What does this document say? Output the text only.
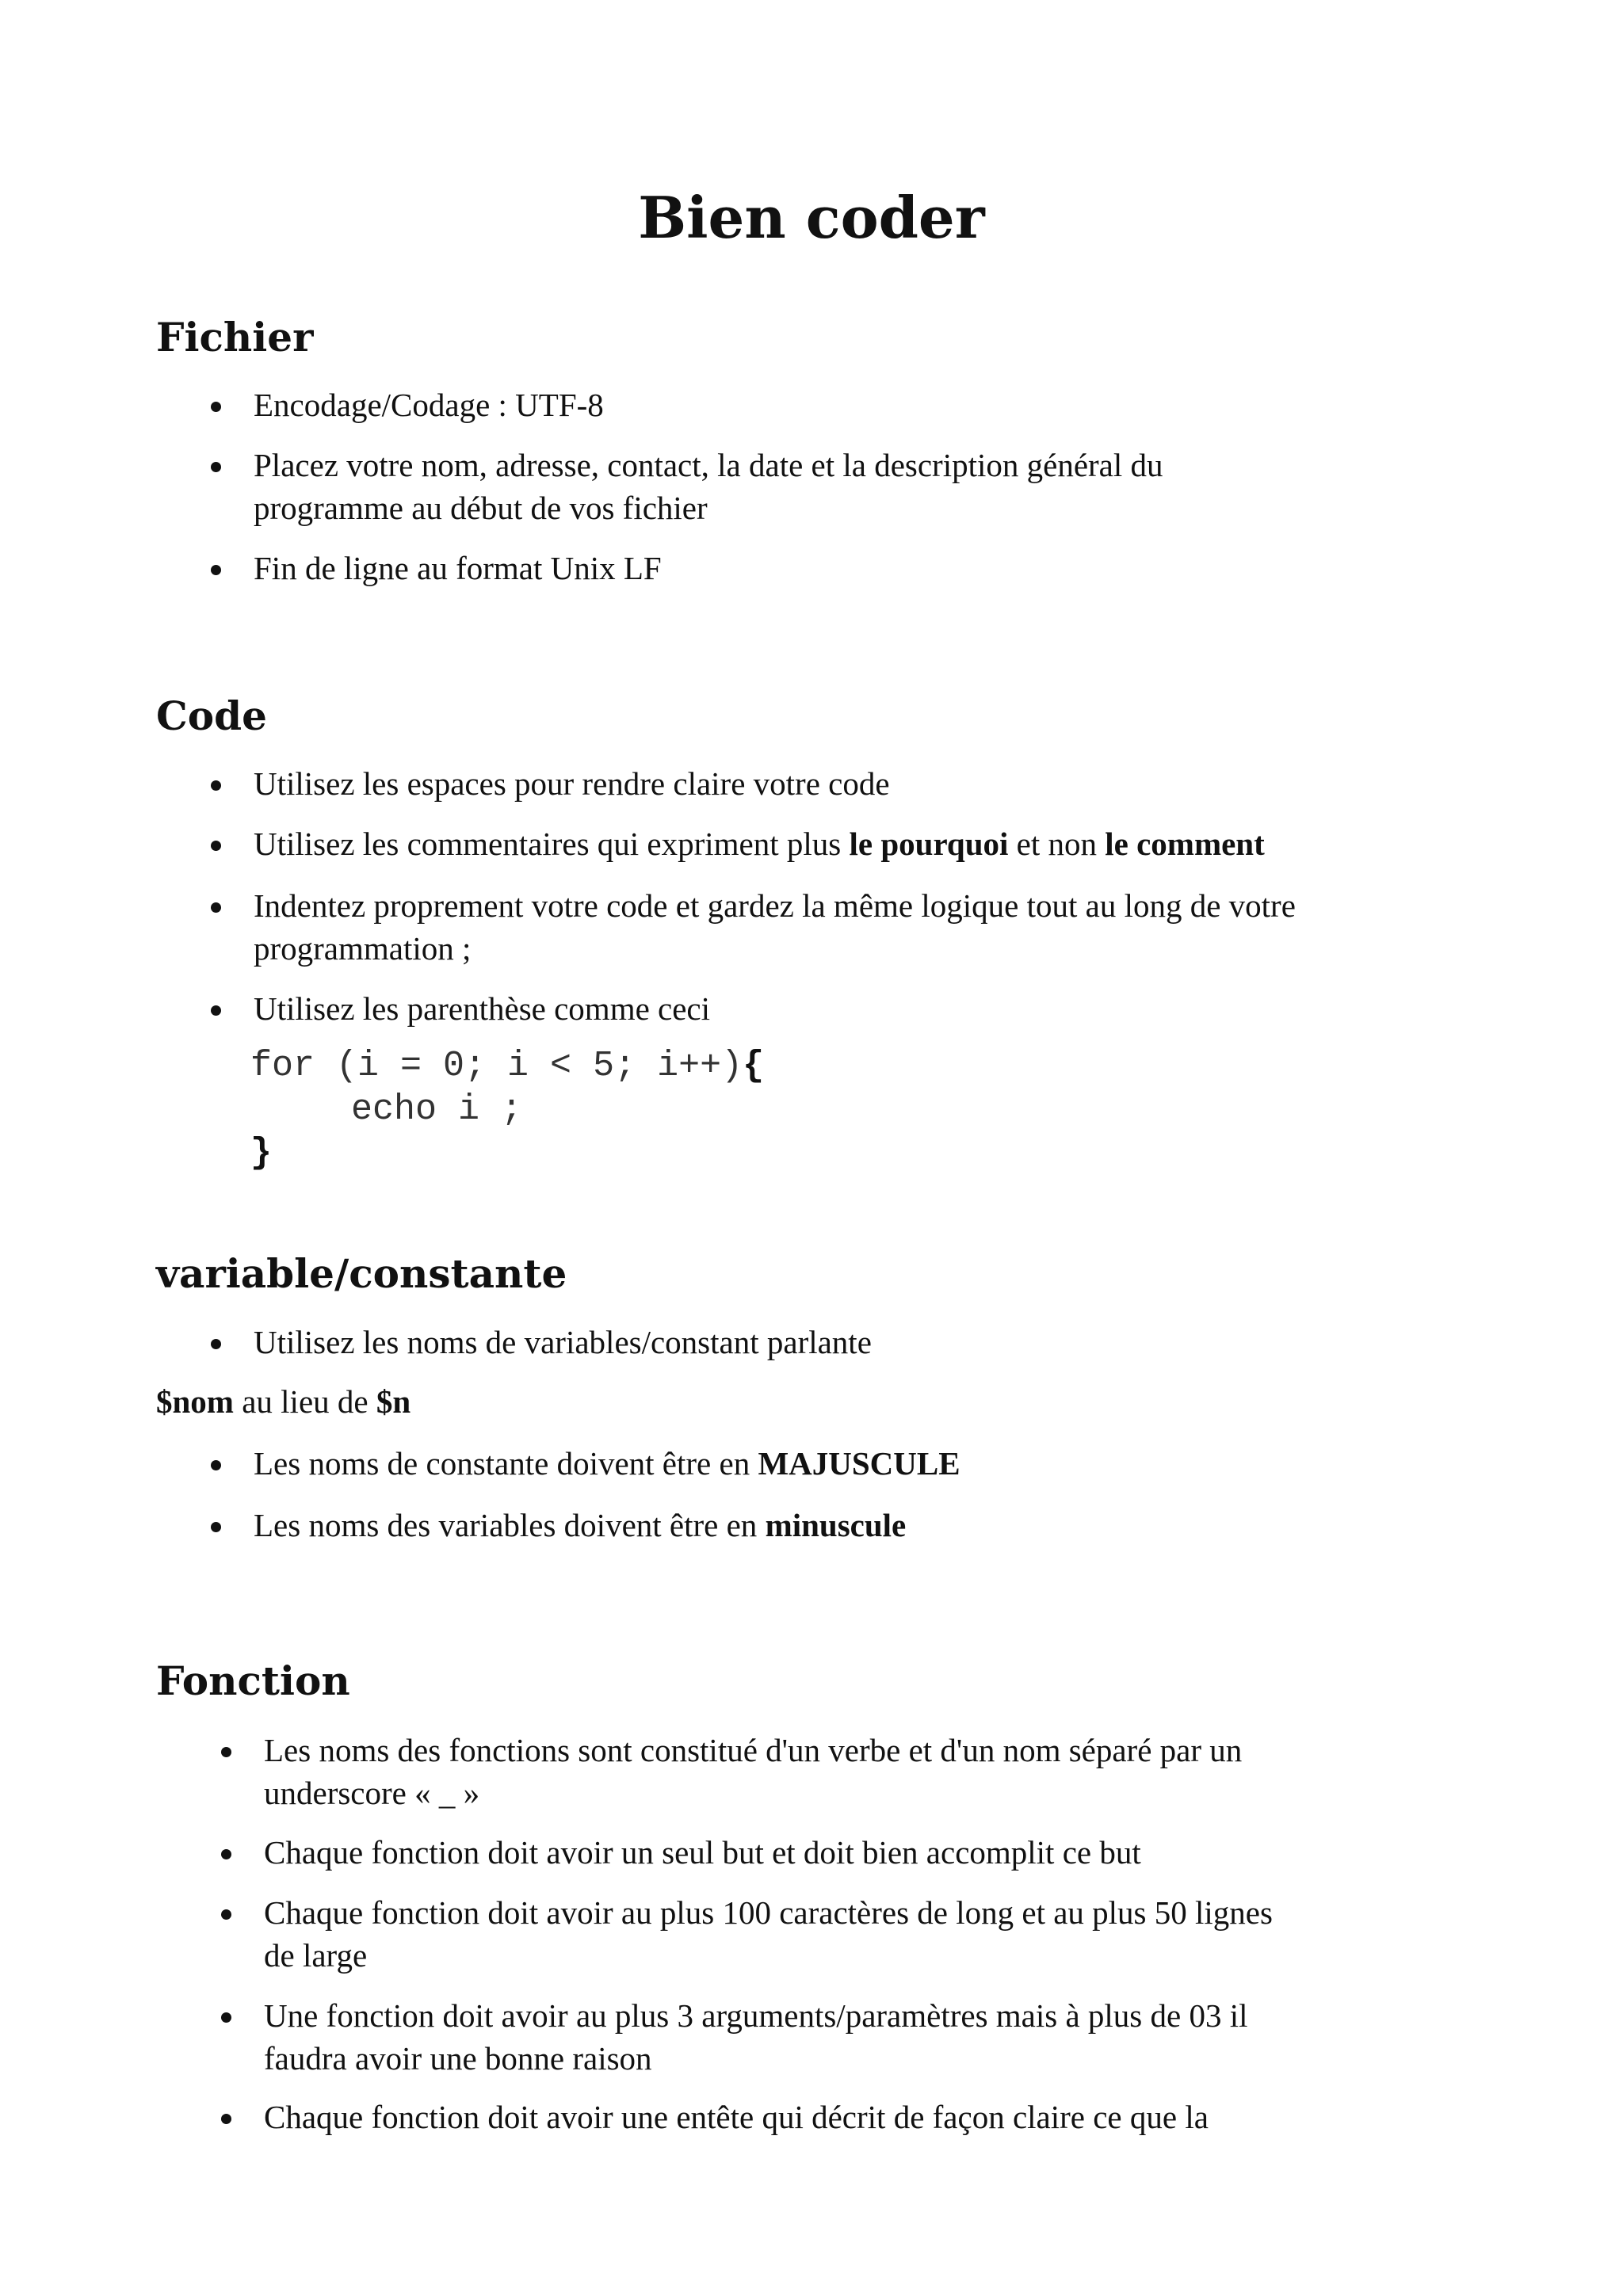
Bien coder
Fichier
Encodage/Codage : UTF-8
Placez votre nom, adresse, contact, la date et la description général du
programme au début de vos fichier
Fin de ligne au format Unix LF
Code
Utilisez les espaces pour rendre claire votre code
Utilisez les commentaires qui expriment plus le pourquoi et non le comment
Indentez proprement votre code et gardez la même logique tout au long de votre
programmation ;
Utilisez les parenthèse comme ceci
for (i = 0; i < 5; i++){
echo i ;
}
variable/constante
Utilisez les noms de variables/constant parlante

$nom au lieu de $n

Les noms de constante doivent être en MAJUSCULE
Les noms des variables doivent être en minuscule
Fonction
Les noms des fonctions sont constitué d'un verbe et d'un nom séparé par un
underscore « _ »
Chaque fonction doit avoir un seul but et doit bien accomplit ce but
Chaque fonction doit avoir au plus 100 caractères de long et au plus 50 lignes
de large
Une fonction doit avoir au plus 3 arguments/paramètres mais à plus de 03 il
faudra avoir une bonne raison
Chaque fonction doit avoir une entête qui décrit de façon claire ce que la
